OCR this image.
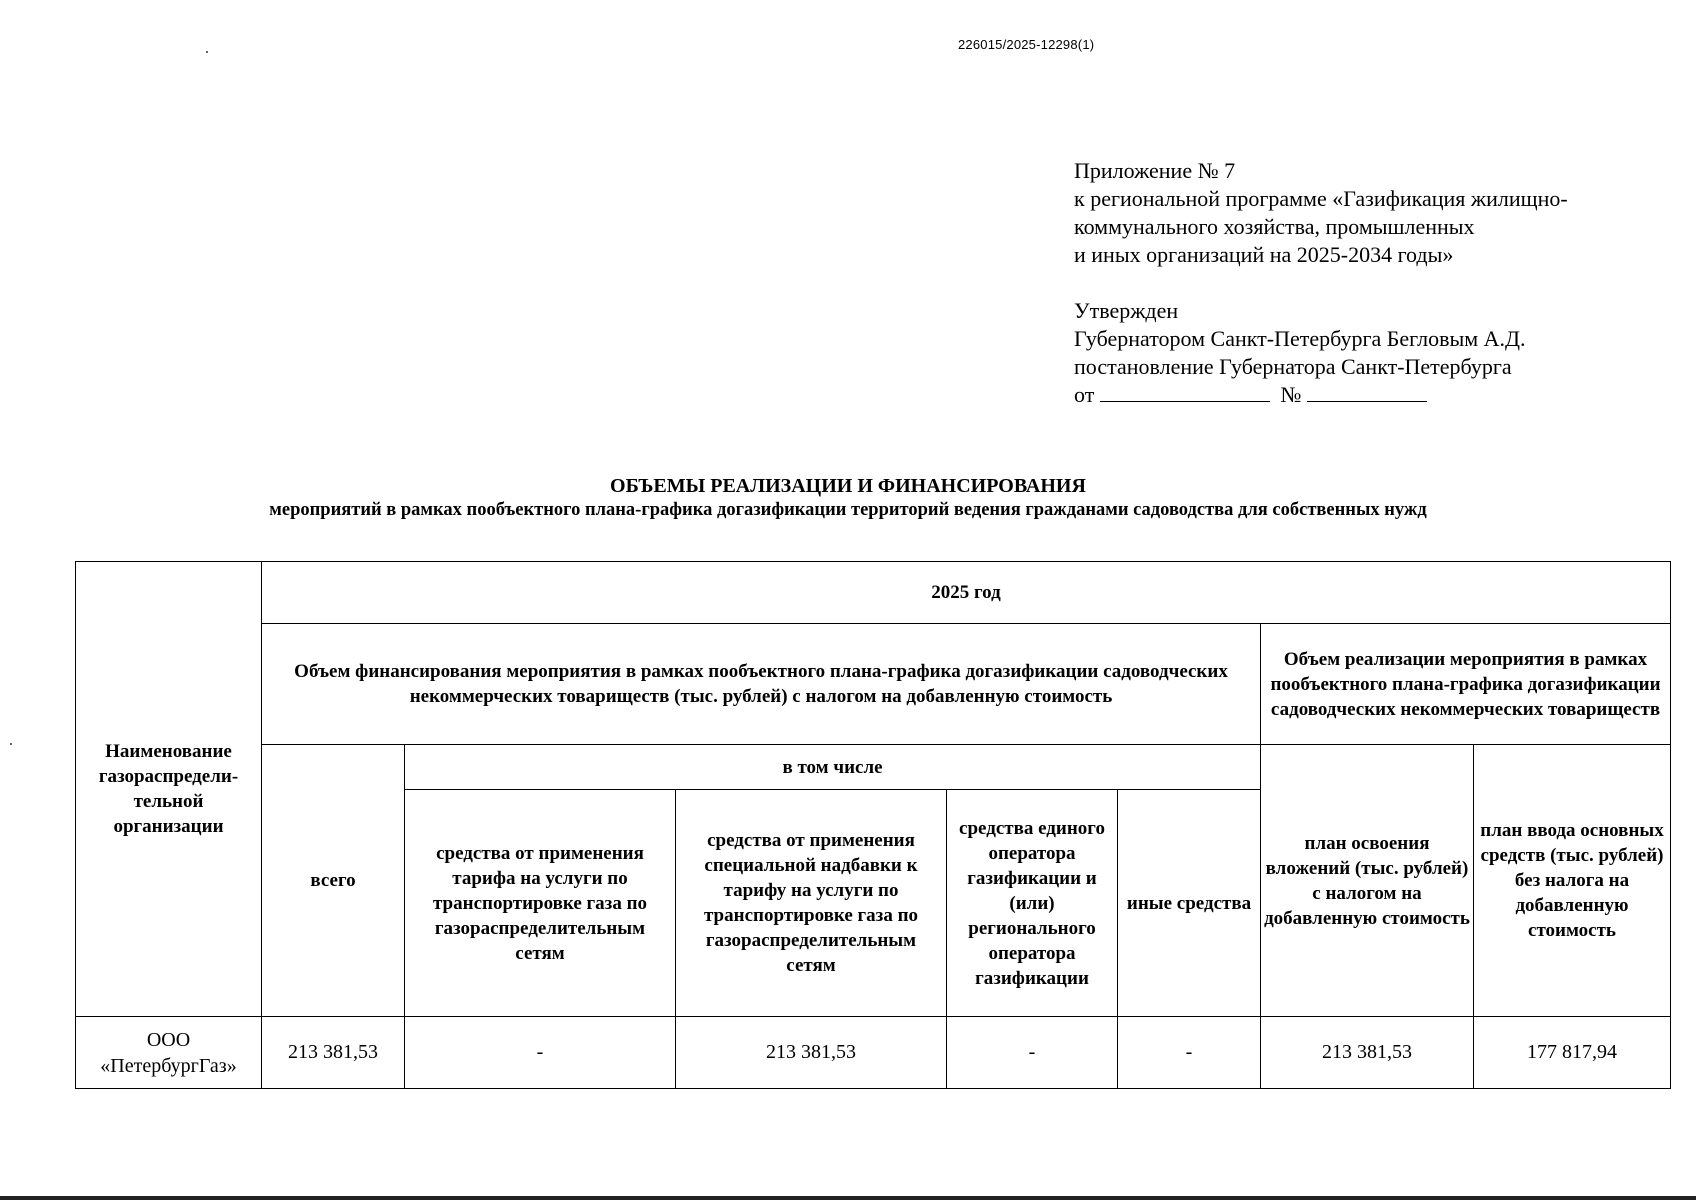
226015/2025-12298(1)
Приложение № 7
к региональной программе «Газификация жилищно-
коммунального хозяйства, промышленных
и иных организаций на 2025-2034 годы»
Утвержден
Губернатором Санкт-Петербурга Бегловым А.Д.
постановление Губернатора Санкт-Петербурга
от	№
ОБЪЕМЫ РЕАЛИЗАЦИИ И ФИНАНСИРОВАНИЯ
мероприятий в рамках пообъектного плана-графика догазификации территорий ведения гражданами садоводства для собственных нужд
Наименование газораспредели-тельной организации	2025 год						
	Объем финансирования мероприятия в рамках пообъектного плана-графика догазификации садоводческих некоммерческих товариществ (тыс. рублей) с налогом на добавленную стоимость					Объем реализации мероприятия в рамках пообъектного плана-графика догазификации садоводческих некоммерческих товариществ	
	всего	в том числе				план освоения вложений (тыс. рублей) с налогом на добавленную стоимость	план ввода основных средств (тыс. рублей) без налога на добавленную стоимость
		средства от применения тарифа на услуги по транспортировке газа по газораспределительным сетям	средства от применения специальной надбавки к тарифу на услуги по транспортировке газа по газораспределительным сетям	средства единого оператора газификации и (или) регионального оператора газификации	иные средства		

ООО
«ПетербургГаз»	213 381,53	-	213 381,53	-	-	213 381,53	177 817,94
